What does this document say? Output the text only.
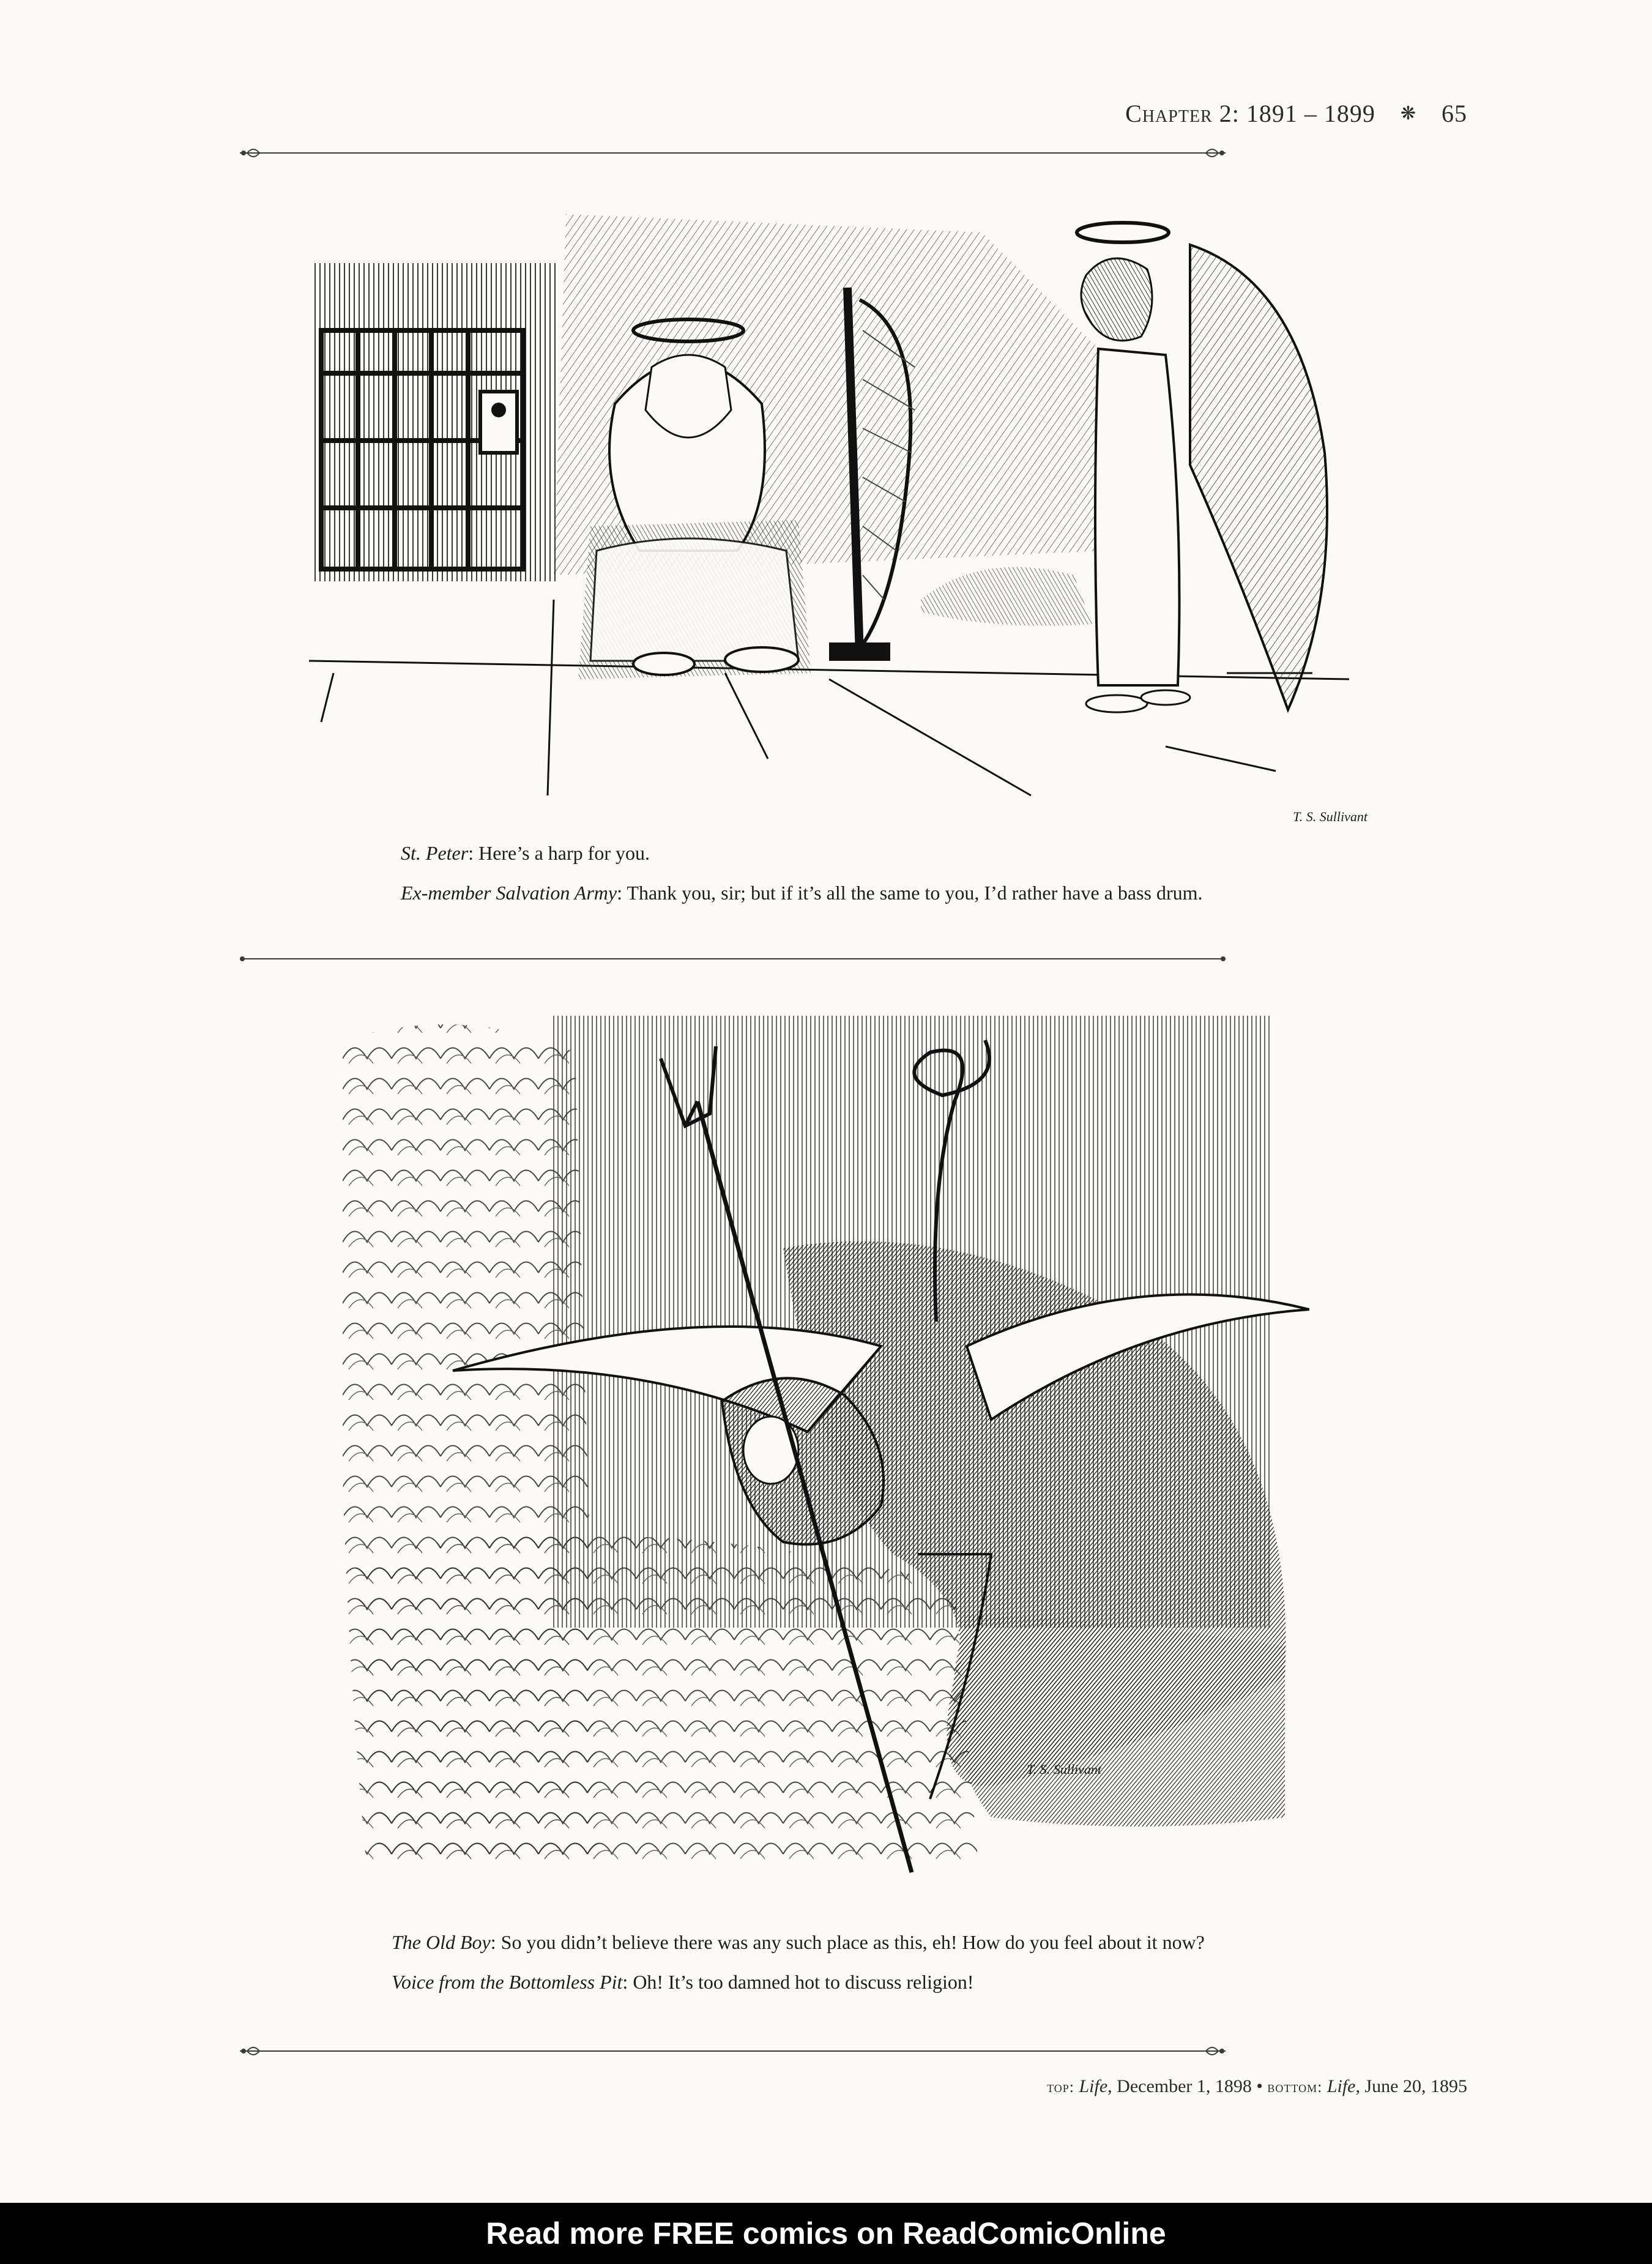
Chapter 2: 1891 – 1899 ❋ 65
T. S. Sullivant
St. Peter: Here’s a harp for you.
Ex-member Salvation Army: Thank you, sir; but if it’s all the same to you, I’d rather have a bass drum.
T. S. Sullivant
The Old Boy: So you didn’t believe there was any such place as this, eh! How do you feel about it now?
Voice from the Bottomless Pit: Oh! It’s too damned hot to discuss religion!
top: Life, December 1, 1898 • bottom: Life, June 20, 1895
Read more FREE comics on ReadComicOnline
